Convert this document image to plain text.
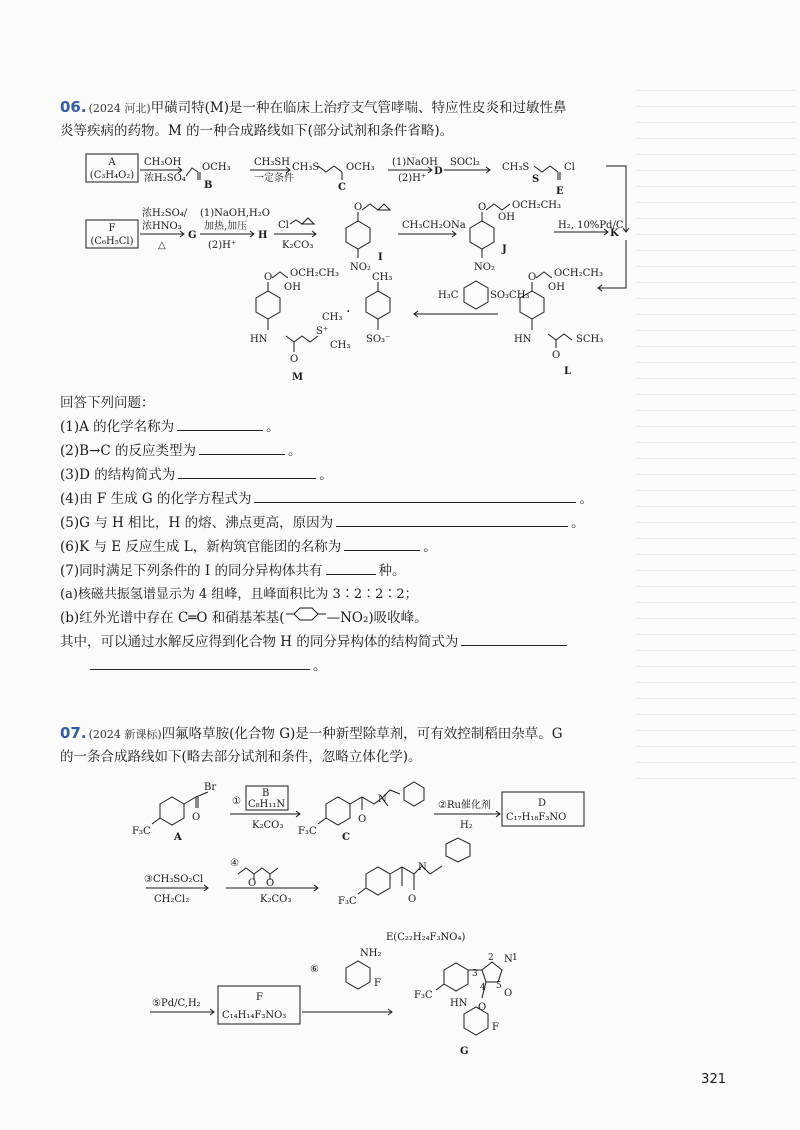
06. (2024 河北) 甲磺司特(M)是一种在临床上治疗支气管哮喘、特应性皮炎和过敏性鼻
炎等疾病的药物。M 的一种合成路线如下(部分试剂和条件省略)。
A
(C₃H₄O₂)
CH₃OH
浓H₂SO₄
OCH₃
B
CH₃SH
一定条件
CH₃S	OCH₃
C
(1)NaOH
(2)H⁺
D
SOCl₂ CH₃S	Cl
S
E
F
(C₆H₅Cl)
浓H₂SO₄/
浓HNO₃
△
G
(1)NaOH,H₂O
加热,加压
(2)H⁺
H
Cl
K₂CO₃
O
NO₂
I
CH₃CH₂ONa
O
OH
OCH₂CH₃
NO₂
J
H₂, 10%Pd/C
K
H₃C	SO₃CH₃
O
OH
OCH₂CH₃
HN	SCH₃
O
L
O
OH
OCH₂CH₃
HN
S⁺
CH₃
CH₃
O
M
·
CH₃
SO₃⁻
回答下列问题：
(1)A 的化学名称为	。
(2)B→C 的反应类型为	。
(3)D 的结构简式为	。
(4)由 F 生成 G 的化学方程式为	。
(5)G 与 H 相比，H 的熔、沸点更高，原因为	。
(6)K 与 E 反应生成 L，新构筑官能团的名称为	。
(7)同时满足下列条件的 I 的同分异构体共有	种。
(a)核磁共振氢谱显示为 4 组峰，且峰面积比为 3∶2∶2∶2；
(b)红外光谱中存在 C═O 和硝基苯基(	—NO₂ )吸收峰。
其中，可以通过水解反应得到化合物 H 的同分异构体的结构简式为
。
07. (2024 新课标) 四氟咯草胺(化合物 G)是一种新型除草剂，可有效控制稻田杂草。G
的一条合成路线如下(略去部分试剂和条件，忽略立体化学)。
Br
O
F₃C
A
①
B
C₈H₁₁N
K₂CO₃
N
O
F₃C
C
②Ru催化剂
H₂
D
C₁₇H₁₈F₃NO
③CH₃SO₂Cl
CH₂Cl₂
④
O O
K₂CO₃
N
F₃C	O
E(C₂₂H₂₄F₃NO₄)
⑤Pd/C,H₂
F
C₁₄H₁₄F₃NO₃
⑥
NH₂
F
F₃C
HN
N 1
2
3
4 5
O
O
F
G
321
